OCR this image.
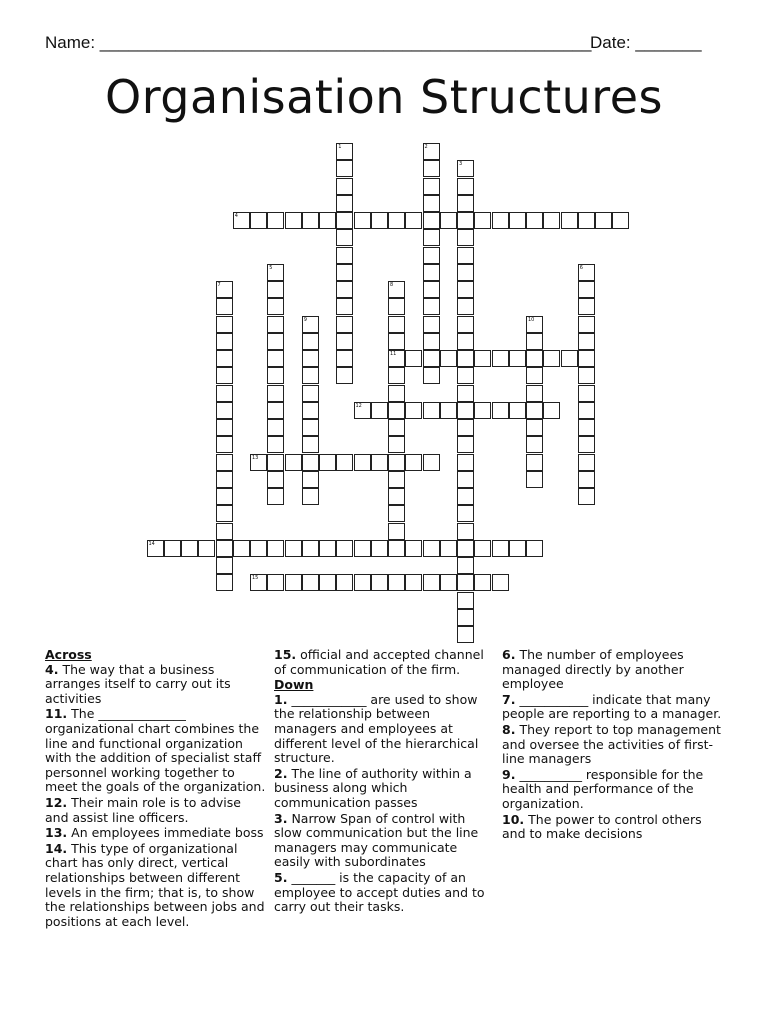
Name: ____________________________________________________
Date: _______
Organisation Structures
1	2
3
4
5	6
7	8
11
9	10
12
13
14
15
Across
4. The way that a business arranges itself to carry out its activities
11. The ______________ organizational chart combines the line and functional organization with the addition of specialist staff personnel working together to meet the goals of the organization.
12. Their main role is to advise and assist line officers.
13. An employees immediate boss
14. This type of organizational chart has only direct, vertical relationships between different levels in the firm; that is, to show the relationships between jobs and positions at each level.
15. official and accepted channel of communication of the firm.
Down
1. ____________ are used to show the relationship between managers and employees at different level of the hierarchical structure.
2. The line of authority within a business along which communication passes
3. Narrow Span of control with slow communication but the line managers may communicate easily with subordinates
5. _______ is the capacity of an employee to accept duties and to carry out their tasks.
6. The number of employees managed directly by another employee
7. ___________ indicate that many people are reporting to a manager.
8. They report to top management and oversee the activities of first-line managers
9. __________ responsible for the health and performance of the organization.
10. The power to control others and to make decisions
